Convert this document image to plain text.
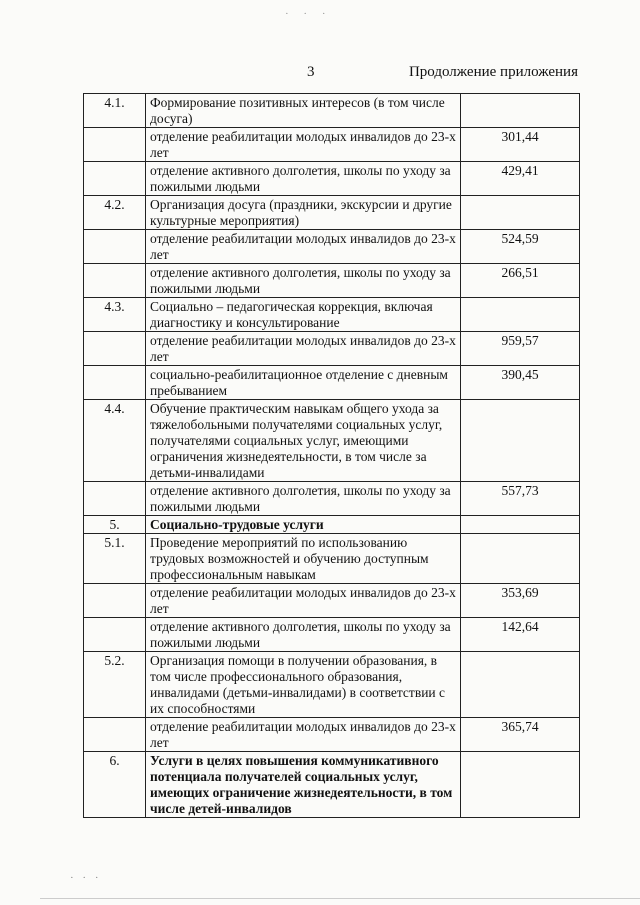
· · ·
3	Продолжение приложения
4.1.	Формирование позитивных интересов (в том числе досуга)	
	отделение реабилитации молодых инвалидов до 23-х лет	301,44
	отделение активного долголетия, школы по уходу за пожилыми людьми	429,41
4.2.	Организация досуга (праздники, экскурсии и другие культурные мероприятия)	
	отделение реабилитации молодых инвалидов до 23-х лет	524,59
	отделение активного долголетия, школы по уходу за пожилыми людьми	266,51
4.3.	Социально – педагогическая коррекция, включая диагностику и консультирование	
	отделение реабилитации молодых инвалидов до 23-х лет	959,57
	социально-реабилитационное отделение с дневным пребыванием	390,45
4.4.	Обучение практическим навыкам общего ухода за тяжелобольными получателями социальных услуг, получателями социальных услуг, имеющими ограничения жизнедеятельности, в том числе за детьми-инвалидами	
	отделение активного долголетия, школы по уходу за пожилыми людьми	557,73
5.	Социально-трудовые услуги	
5.1.	Проведение мероприятий по использованию трудовых возможностей и обучению доступным профессиональным навыкам	
	отделение реабилитации молодых инвалидов до 23-х лет	353,69
	отделение активного долголетия, школы по уходу за пожилыми людьми	142,64
5.2.	Организация помощи в получении образования, в том числе профессионального образования, инвалидами (детьми-инвалидами) в соответствии с их способностями	
	отделение реабилитации молодых инвалидов до 23-х лет	365,74
6.	Услуги в целях повышения коммуникативного потенциала получателей социальных услуг, имеющих ограничение жизнедеятельности, в том числе детей-инвалидов	
· · ·
